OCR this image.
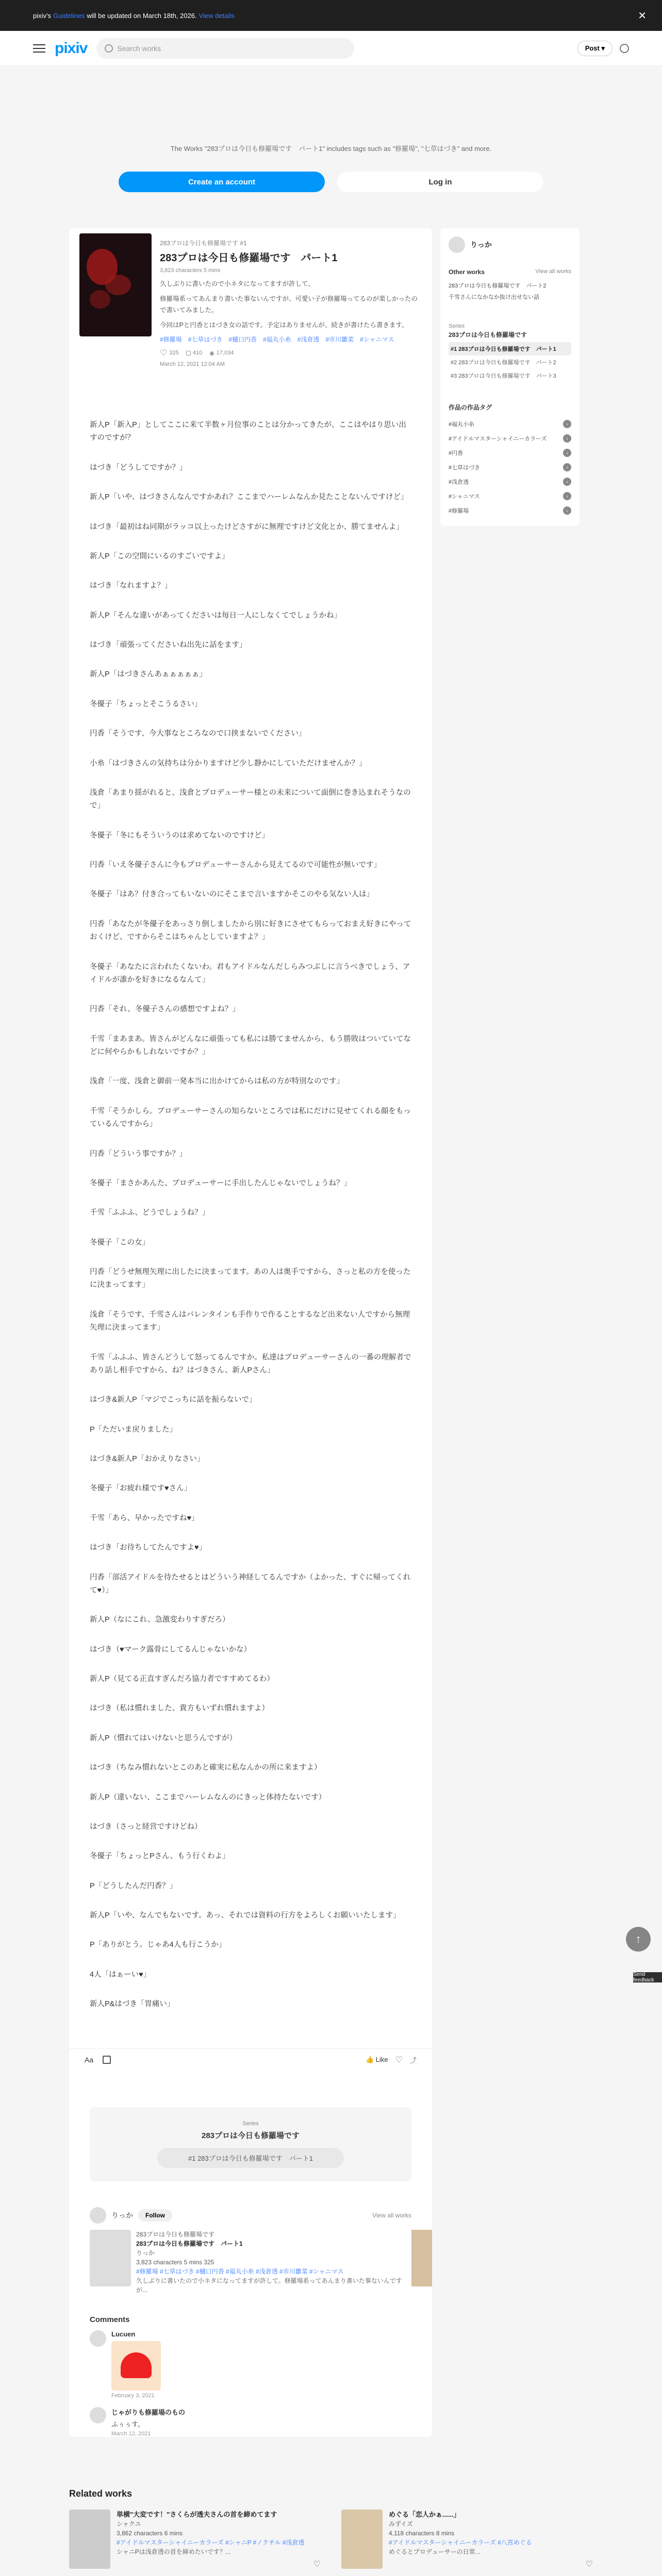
pixiv's Guidelines will be updated on March 18th, 2026. View details	✕
pixiv	Search works	Post ▾

The Works "283プロは今日も修羅場です　パート1" includes tags such as "修羅場", "七草はづき" and more.

Create an account	Log in
283プロは今日も修羅場です #1
283プロは今日も修羅場です　パート1
3,823 characters 5 mins
久しぶりに書いたので小ネタになってますが許して。
修羅場系ってあんまり書いた事ないんですが、可愛い子が修羅場ってるのが楽しかったので書いてみました。
今回はPと円香とはづき女の話です。予定はありませんが、続きが書けたら書きます。
#修羅場 #七草はづき #樋口円香 #福丸小糸 #浅倉透 #市川雛菜 #シャニマス
♡ 325 410 ◉ 17,034
March 12, 2021 12:04 AM

新人P「新入P」としてここに来て半数ヶ月位事のことは分かってきたが、ここはやはり思い出すのですが？

はづき「どうしてですか？」

新人P「いや、はづきさんなんですかあれ？ここまでハーレムなんか見たことないんですけど」

はづき「最初はね同期がラッコ以上ったけどさすがに無理ですけど文化とか、勝てませんよ」

新人P「この空間にいるのすごいですよ」

はづき「なれますよ？」

新人P「そんな違いがあってくださいは毎日一人にしなくてでしょうかね」

はづき「頑張ってくださいね出先に話をます」

新人P「はづきさんあぁぁぁぁぁ」

冬優子「ちょっとそこうるさい」

円香「そうです、今大事なところなので口挟まないでください」

小糸「はづきさんの気持ちは分かりますけど少し静かにしていただけませんか？」

浅倉「あまり揺がれると、浅倉とプロデューサー様との未来について面倒に巻き込まれそうなので」

冬優子「冬にもそういうのは求めてないのですけど」

円香「いえ冬優子さんに今もプロデューサーさんから見えてるので可能性が無いです」

冬優子「はあ？付き合ってもいないのにそこまで言いますかそこのやる気ない人は」

円香「あなたが冬優子をあっさり倒しましたから別に好きにさせてもらっておまえ好きにやっておくけど、ですからそこはちゃんとしていますよ？」

冬優子「あなたに言われたくないわ。君もアイドルなんだしらみつぶしに言うべきでしょう、アイドルが誰かを好きになるなんて」

円香「それ、冬優子さんの感想ですよね？」

千雪「まあまあ。皆さんがどんなに頑張っても私には勝てませんから、もう勝敗はついていてなどに何やらかもしれないですか？」

浅倉「一度、浅倉と御前一発本当に出かけてからは私の方が特別なのです」

千雪「そうかしら。プロデューサーさんの知らないところでは私にだけに見せてくれる顔をもっているんですから」

円香「どういう事ですか？」

冬優子「まさかあんた、プロデューサーに手出したんじゃないでしょうね？」

千雪「ふふふ、どうでしょうね？」

冬優子「この女」

円香「どうせ無理矢理に出したに決まってます。あの人は奥手ですから、さっと私の方を使ったに決まってます」

浅倉「そうです、千雪さんはバレンタインも手作りで作ることするなど出来ない人ですから無理矢理に決まってます」

千雪「ふふふ、皆さんどうして怒ってるんですか。私達はプロデューサーさんの一番の理解者であり話し相手ですから、ね？はづきさん、新人Pさん」

はづき&新人P「マジでこっちに話を振らないで」

P「ただいま戻りました」

はづき&新人P「おかえりなさい」

冬優子「お疲れ様です♥さん」

千雪「あら、早かったですね♥」

はづき「お待ちしてたんですよ♥」

円香「部活アイドルを待たせるとはどういう神経してるんですか（よかった、すぐに帰ってくれて♥）」

新人P（なにこれ、急激変わりすぎだろ）

はづき（♥マーク露骨にしてるんじゃないかな）

新人P（見てる正直すぎんだろ協力者ですすめてるわ）

はづき（私は慣れました、貴方もいずれ慣れますよ）

新人P（慣れてはいけないと思うんですが）

はづき（ちなみ慣れないとこのあと確実に私なんかの所に来ますよ）

新人P（違いない、ここまでハーレムなんのにきっと体持たないです）

はづき（さっと経営ですけどね）

冬優子「ちょっとPさん、もう行くわよ」

P「どうしたんだ円香？」

新人P「いや、なんでもないです。あっ、それでは資料の行方をよろしくお願いいたします」

P「ありがとう。じゃあ4人も行こうか」

4人「はぁーい♥」

新人P&はづき「胃痛い」

Aa	👍 Like ♡ ⤴
Series
283プロは今日も修羅場です
#1 283プロは今日も修羅場です　パート1
りっか	Follow	View all works
283プロは今日も修羅場です
283プロは今日も修羅場です　パート1
りっか
3,823 characters 5 mins 325
#修羅場 #七草はづき #樋口円香 #福丸小糸 #浅倉透 #市川雛菜 #シャニマス
久しぶりに書いたので小ネタになってますが許して。修羅場系ってあんまり書いた事ないんですが...
Comments
Lucuen
February 3, 2021
じゃがりも修羅場のもの
ふぅぅす。
March 12, 2021
りっか
Other works	View all works
283プロは今日も修羅場です　パート2
千雪さんになかなか抜け出せない話
Series
283プロは今日も修羅場です
#1 283プロは今日も修羅場です　パート1
#2 283プロは今日も修羅場です　パート2
#3 283プロは今日も修羅場です　パート3
作品の作品タグ
#福丸小糸	›
#アイドルマスターシャイニーカラーズ	›
#円香	›
#七草はづき	›
#浅倉透	›
#シャニマス	›
#修羅場	›
Related works
単横"大変です！"さくらが透夫さんの首を締めてます
シャクユ
3,862 characters 6 mins
#アイドルマスターシャイニーカラーズ #シャニP #ノクチル #浅倉透
シャニPは浅倉透の首を締めたいです？...
♡
めぐる「恋人かぁ......」
みずイズ
4,118 characters 8 mins
#アイドルマスターシャイニーカラーズ #八宮めぐる
めぐるとプロデューサーの日常...
♡
↑
Send feedback
